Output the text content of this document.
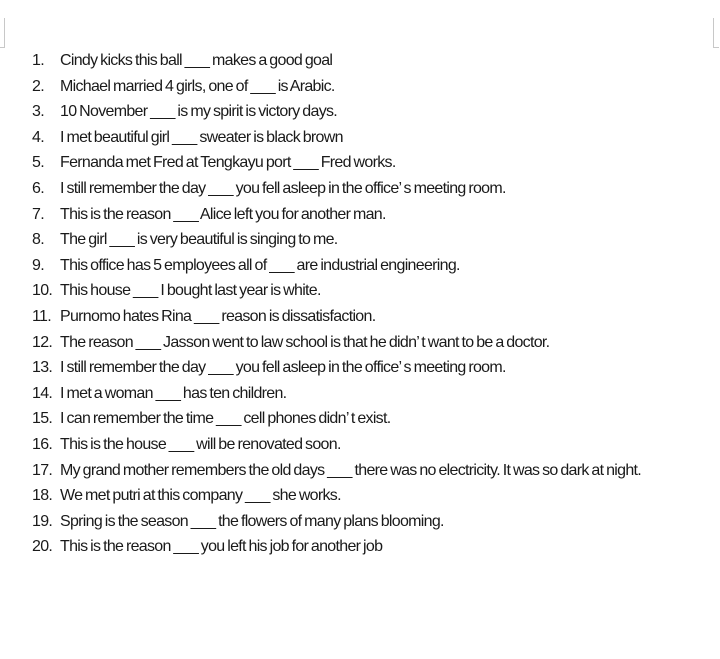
1.	Cindy kicks this ball ___ makes a good goal
2.	Michael married 4 girls, one of ___ is Arabic.
3.	10 November ___ is my spirit is victory days.
4.	I met beautiful girl ___ sweater is black brown
5.	Fernanda met Fred at Tengkayu port ___ Fred works.
6.	I still remember the day ___ you fell asleep in the office’ s meeting room.
7.	This is the reason ___ Alice left you for another man.
8.	The girl ___ is very beautiful is singing to me.
9.	This office has 5 employees all of ___ are industrial engineering.
10. This house ___ I bought last year is white.
11. Purnomo hates Rina ___ reason is dissatisfaction.
12. The reason ___ Jasson went to law school is that he didn’ t want to be a doctor.
13. I still remember the day ___ you fell asleep in the office’ s meeting room.
14. I met a woman ___ has ten children.
15. I can remember the time ___ cell phones didn’ t exist.
16. This is the house ___ will be renovated soon.
17. My grand mother remembers the old days ___ there was no electricity. It was so dark at night.
18. We met putri at this company ___ she works.
19. Spring is the season ___ the flowers of many plans blooming.
20. This is the reason ___ you left his job for another job
